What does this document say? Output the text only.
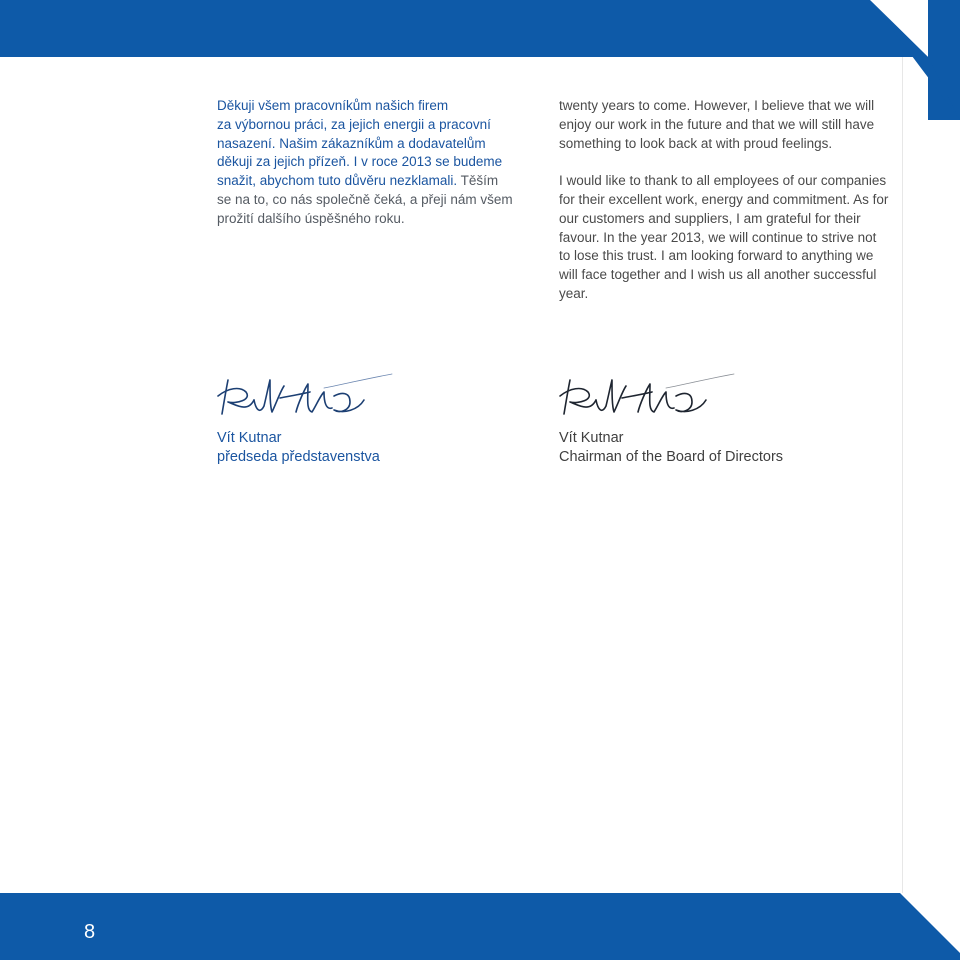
Děkuji všem pracovníkům našich firem
za výbornou práci, za jejich energii a pracovní
nasazení. Našim zákazníkům a dodavatelům
děkuji za jejich přízeň. I v roce 2013 se budeme
snažit, abychom tuto důvěru nezklamali. Těším
se na to, co nás společně čeká, a přeji nám všem
prožití dalšího úspěšného roku.

twenty years to come. However, I believe that we will enjoy our work in the future and that we will still have something to look back at with proud feelings.

I would like to thank to all employees of our companies for their excellent work, energy and commitment. As for our customers and suppliers, I am grateful for their favour. In the year 2013, we will continue to strive not to lose this trust. I am looking forward to anything we will face together and I wish us all another successful year.

Vít Kutnar
předseda představenstva
Vít Kutnar
Chairman of the Board of Directors
8
